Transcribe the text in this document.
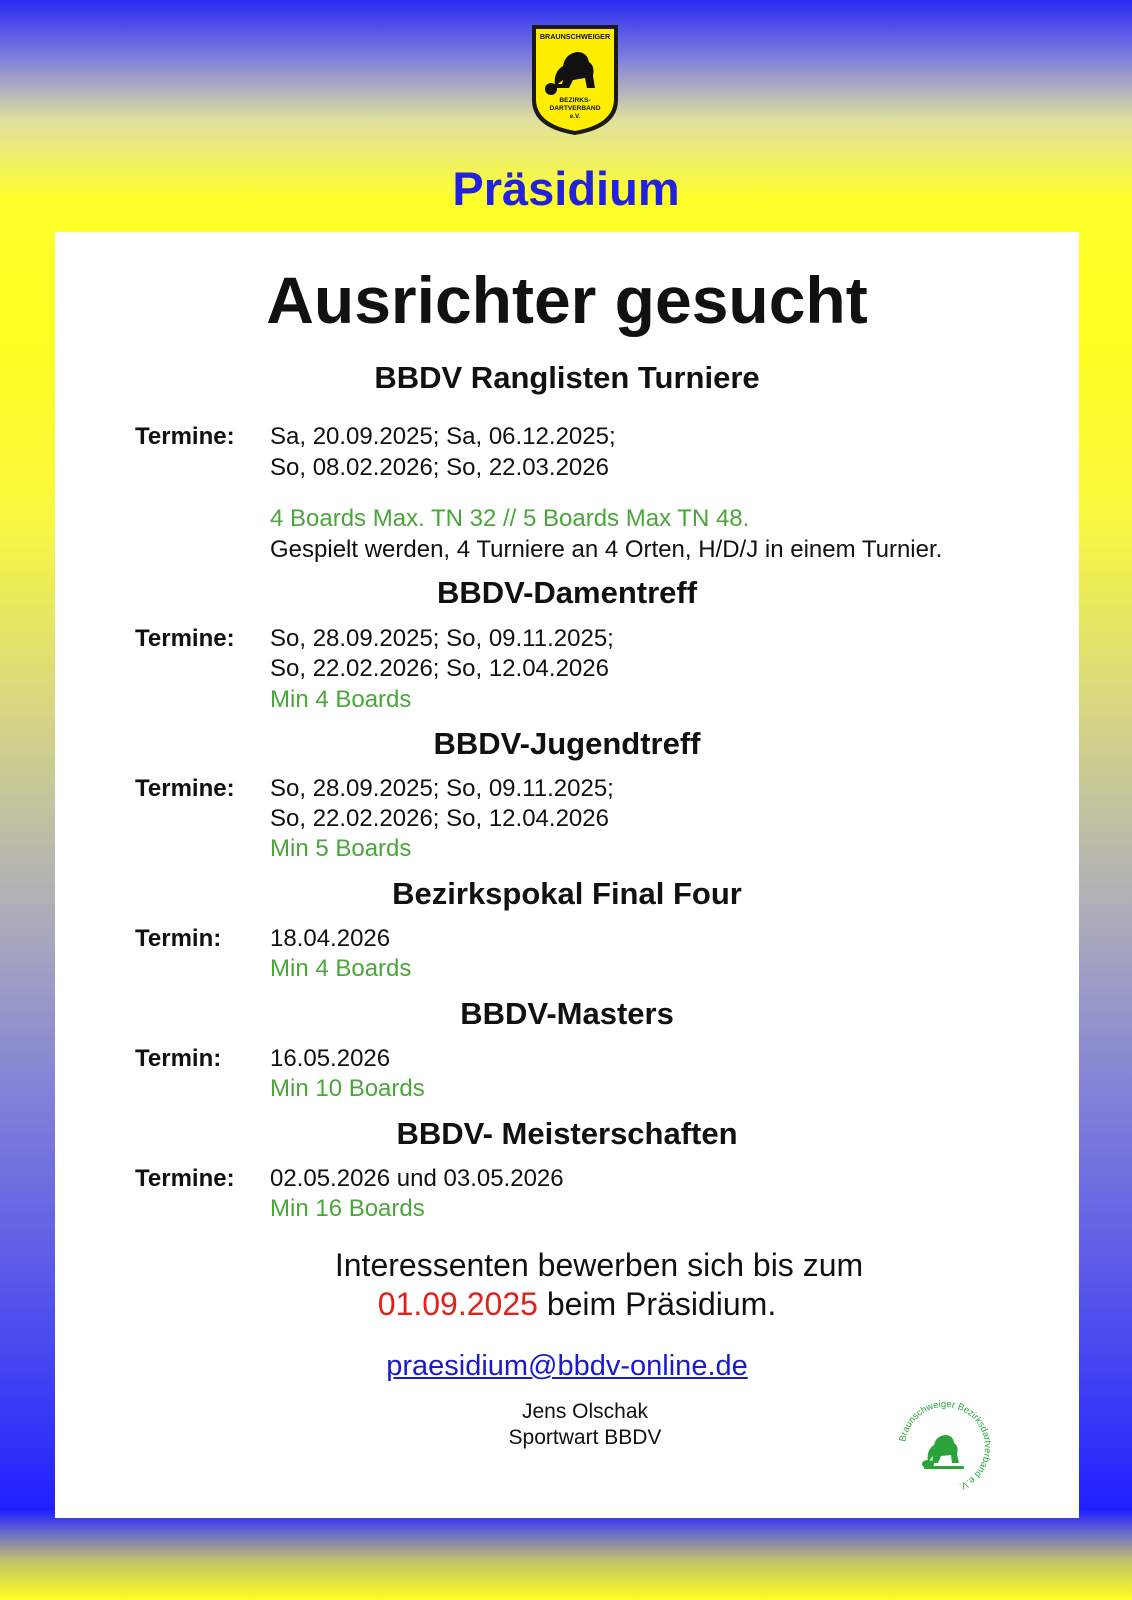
BRAUNSCHWEIGER
BEZIRKS-
DARTVERBAND
e.V.
Präsidium
Ausrichter gesucht
BBDV Ranglisten Turniere
Termine: Sa, 20.09.2025; Sa, 06.12.2025;
So, 08.02.2026; So, 22.03.2026
4 Boards Max. TN 32 // 5 Boards Max TN 48.
Gespielt werden, 4 Turniere an 4 Orten, H/D/J in einem Turnier.
BBDV-Damentreff
Termine: So, 28.09.2025; So, 09.11.2025;
So, 22.02.2026; So, 12.04.2026
Min 4 Boards
BBDV-Jugendtreff
Termine: So, 28.09.2025; So, 09.11.2025;
So, 22.02.2026; So, 12.04.2026
Min 5 Boards
Bezirkspokal Final Four
Termin: 18.04.2026
Min 4 Boards
BBDV-Masters
Termin: 16.05.2026
Min 10 Boards
BBDV- Meisterschaften
Termine: 02.05.2026 und 03.05.2026
Min 16 Boards
Interessenten bewerben sich bis zum
01.09.2025 beim Präsidium.
praesidium@bbdv-online.de
Jens Olschak
Sportwart BBDV	Braunschweiger Bezirksdartverband e.V.
